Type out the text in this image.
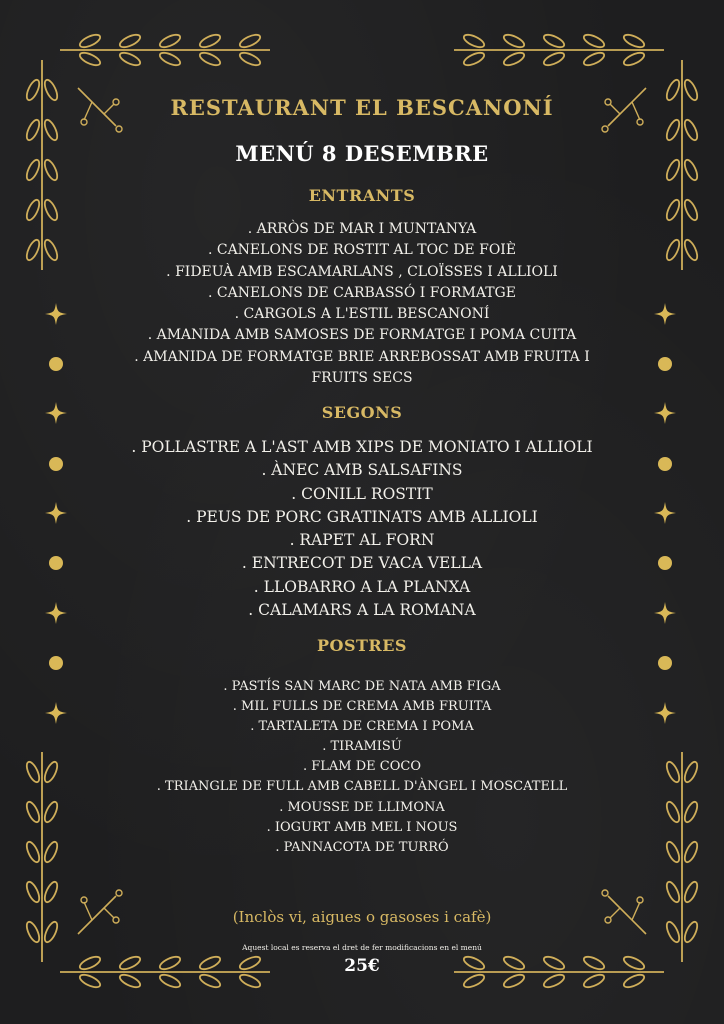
RESTAURANT EL BESCANONÍ
MENÚ 8 DESEMBRE
ENTRANTS
. ARRÒS DE MAR I MUNTANYA
. CANELONS DE ROSTIT AL TOC DE FOIÈ
. FIDEUÀ AMB ESCAMARLANS , CLOÏSSES I ALLIOLI
. CANELONS DE CARBASSÓ I FORMATGE
. CARGOLS A L'ESTIL BESCANONÍ
. AMANIDA AMB SAMOSES DE FORMATGE I POMA CUITA
. AMANIDA DE FORMATGE BRIE ARREBOSSAT AMB FRUITA I FRUITS SECS
SEGONS
. POLLASTRE A L'AST AMB XIPS DE MONIATO I ALLIOLI
. ÀNEC AMB SALSAFINS
. CONILL ROSTIT
. PEUS DE PORC GRATINATS AMB ALLIOLI
. RAPET AL FORN
. ENTRECOT DE VACA VELLA
. LLOBARRO A LA PLANXA
. CALAMARS A LA ROMANA
POSTRES
. PASTÍS SAN MARC DE NATA AMB FIGA
. MIL FULLS DE CREMA AMB FRUITA
. TARTALETA DE CREMA I POMA
. TIRAMISÚ
. FLAM DE COCO
. TRIANGLE DE FULL AMB CABELL D'ÀNGEL I MOSCATELL
. MOUSSE DE LLIMONA
. IOGURT AMB MEL I NOUS
. PANNACOTA DE TURRÓ
(Inclòs vi, aigues o gasoses i cafè)
Aquest local es reserva el dret de fer modificacions en el menú
25€
